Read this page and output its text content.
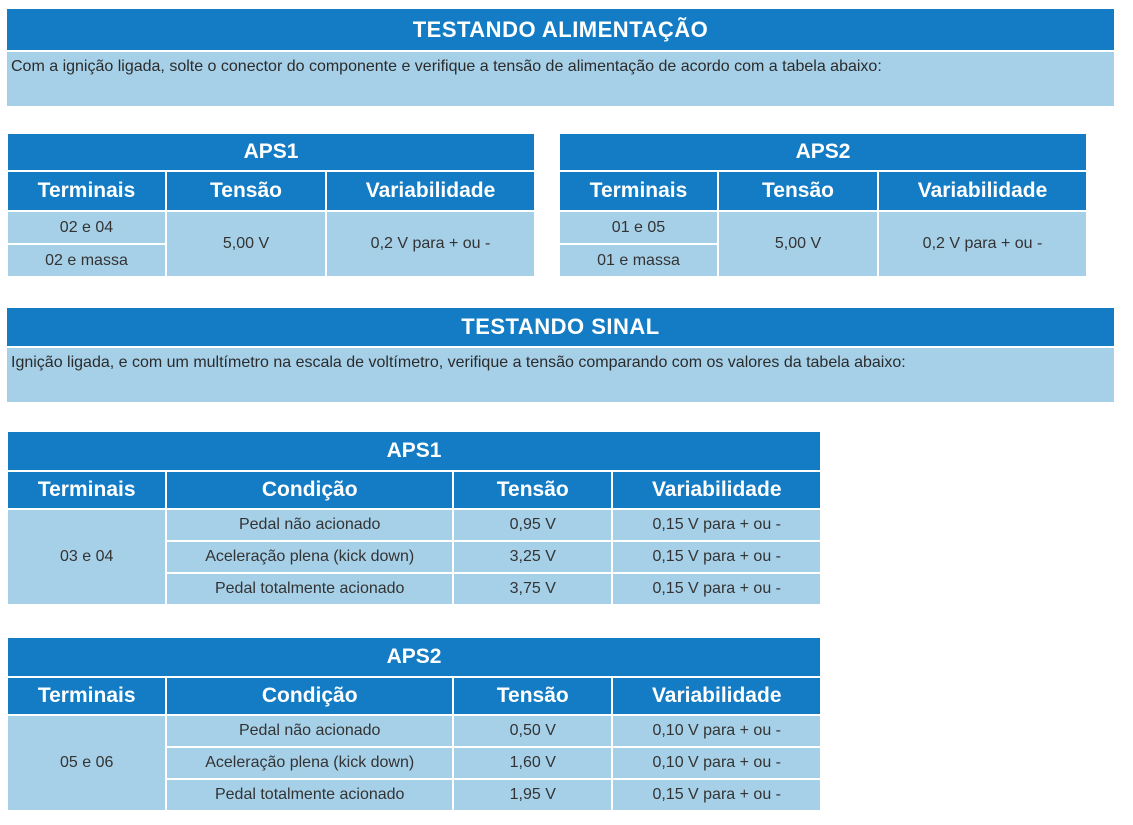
TESTANDO ALIMENTAÇÃO
Com a ignição ligada, solte o conector do componente e verifique a tensão de alimentação de acordo com a tabela abaixo:
APS1		
Terminais	Tensão	Variabilidade
02 e 04	5,00 V	0,2 V para + ou -
02 e massa		
APS2		
Terminais	Tensão	Variabilidade
01 e 05	5,00 V	0,2 V para + ou -
01 e massa		
TESTANDO SINAL
Ignição ligada, e com um multímetro na escala de voltímetro, verifique a tensão comparando com os valores da tabela abaixo:
APS1			
Terminais	Condição	Tensão	Variabilidade
03 e 04	Pedal não acionado	0,95 V	0,15 V para + ou -
	Aceleração plena (kick down)	3,25 V	0,15 V para + ou -
	Pedal totalmente acionado	3,75 V	0,15 V para + ou -
APS2			
Terminais	Condição	Tensão	Variabilidade
05 e 06	Pedal não acionado	0,50 V	0,10 V para + ou -
	Aceleração plena (kick down)	1,60 V	0,10 V para + ou -
	Pedal totalmente acionado	1,95 V	0,15 V para + ou -
